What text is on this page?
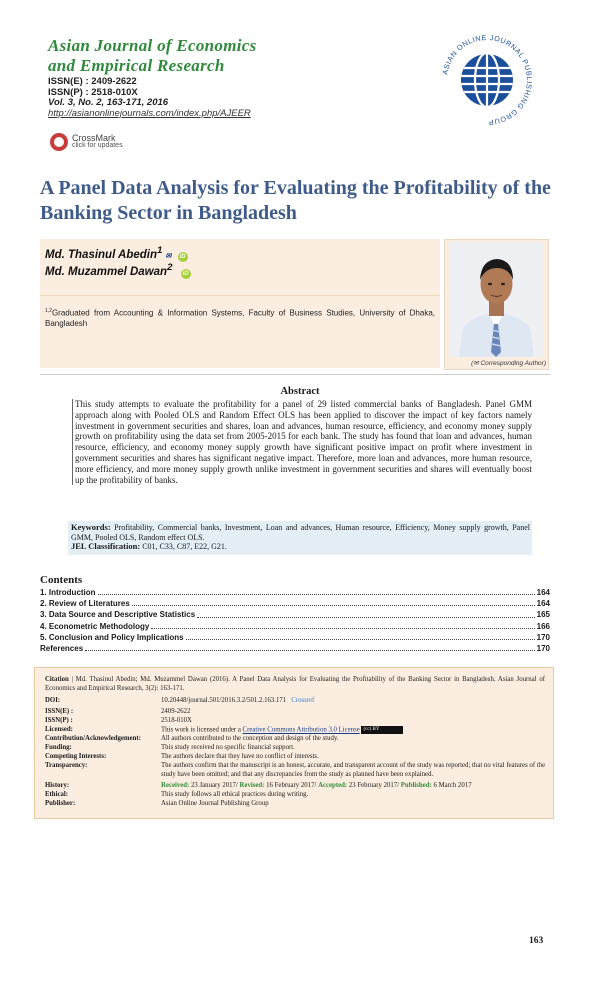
Asian Journal of Economics
and Empirical Research
ISSN(E) : 2409-2622
ISSN(P) : 2518-010X
Vol. 3, No. 2, 163-171, 2016
http://asianonlinejournals.com/index.php/AJEER
CrossMark
click for updates
ASIAN ONLINE JOURNAL PUBLISHING GROUP
A Panel Data Analysis for Evaluating the Profitability of the Banking Sector in Bangladesh
Md. Thasinul Abedin$^1$ ✉ iD
Md. Muzammel Dawan$^2$ iD
$^{1,2}$Graduated from Accounting & Information Systems, Faculty of Business Studies, University of Dhaka, Bangladesh
(✉ Corresponding Author)
Abstract
This study attempts to evaluate the profitability for a panel of 29 listed commercial banks of Bangladesh. Panel GMM approach along with Pooled OLS and Random Effect OLS has been applied to discover the impact of key factors namely investment in government securities and shares, loan and advances, human resource, efficiency, and economy money supply growth on profitability using the data set from 2005-2015 for each bank. The study has found that loan and advances, human resource, efficiency, and economy money supply growth have significant positive impact on profit where investment in government securities and shares has significant negative impact. Therefore, more loan and advances, more human resource, more efficiency, and more money supply growth unlike investment in government securities and shares will eventually boost up the profitability of banks.
Keywords: Profitability, Commercial banks, Investment, Loan and advances, Human resource, Efficiency, Money supply growth, Panel GMM, Pooled OLS, Random effect OLS.
JEL Classification: C01, C33, C87, E22, G21.
Contents
1. Introduction	164
2. Review of Literatures	164
3. Data Source and Descriptive Statistics	165
4. Econometric Methodology	166
5. Conclusion and Policy Implications	170
References	170
Citation | Md. Thasinul Abedin; Md. Muzammel Dawan (2016). A Panel Data Analysis for Evaluating the Profitability of the Banking Sector in Bangladesh. Asian Journal of Economics and Empirical Research, 3(2): 163-171.
DOI:	10.20448/journal.501/2016.3.2/501.2.163.171 Crossref
ISSN(E) :	2409-2622
ISSN(P) :	2518-010X
Licensed:	This work is licensed under a Creative Commons Attribution 3.0 License (cc) BY
Contribution/Acknowledgement:	All authors contributed to the conception and design of the study.
Funding:	This study received no specific financial support.
Competing Interests:	The authors declare that they have no conflict of interests.
Transparency:	The authors confirm that the manuscript is an honest, accurate, and transparent account of the study was reported; that no vital features of the study have been omitted; and that any discrepancies from the study as planned have been explained.
History:	Received: 23 January 2017/ Revised: 16 February 2017/ Accepted: 23 February 2017/ Published: 6 March 2017
Ethical:	This study follows all ethical practices during writing.
Publisher:	Asian Online Journal Publishing Group
163
